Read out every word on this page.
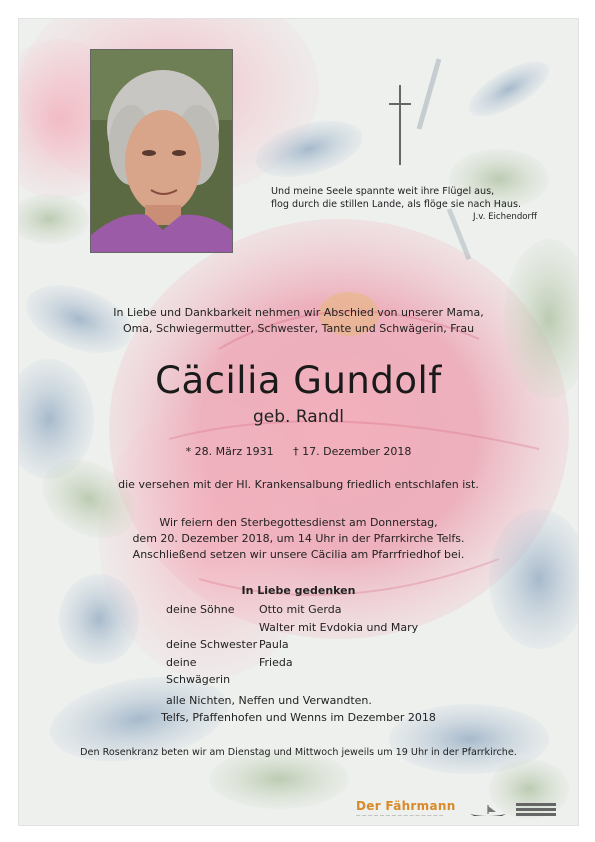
Und meine Seele spannte weit ihre Flügel aus,
flog durch die stillen Lande, als flöge sie nach Haus.
J.v. Eichendorff
In Liebe und Dankbarkeit nehmen wir Abschied von unserer Mama,
Oma, Schwiegermutter, Schwester, Tante und Schwägerin, Frau
Cäcilia Gundolf
geb. Randl
* 28. März 1931 † 17. Dezember 2018
die versehen mit der Hl. Krankensalbung friedlich entschlafen ist.
Wir feiern den Sterbegottesdienst am Donnerstag,
dem 20. Dezember 2018, um 14 Uhr in der Pfarrkirche Telfs.
Anschließend setzen wir unsere Cäcilia am Pfarrfriedhof bei.
In Liebe gedenken
deine Söhne	Otto mit Gerda
Walter mit Evdokia und Mary
deine Schwester Paula
deine Schwägerin
Frieda
alle Nichten, Neffen und Verwandten.
Telfs, Pfaffenhofen und Wenns im Dezember 2018
Den Rosenkranz beten wir am Dienstag und Mittwoch jeweils um 19 Uhr in der Pfarrkirche.
Der Fährmann
— — — — — — — — — — — — — — —
